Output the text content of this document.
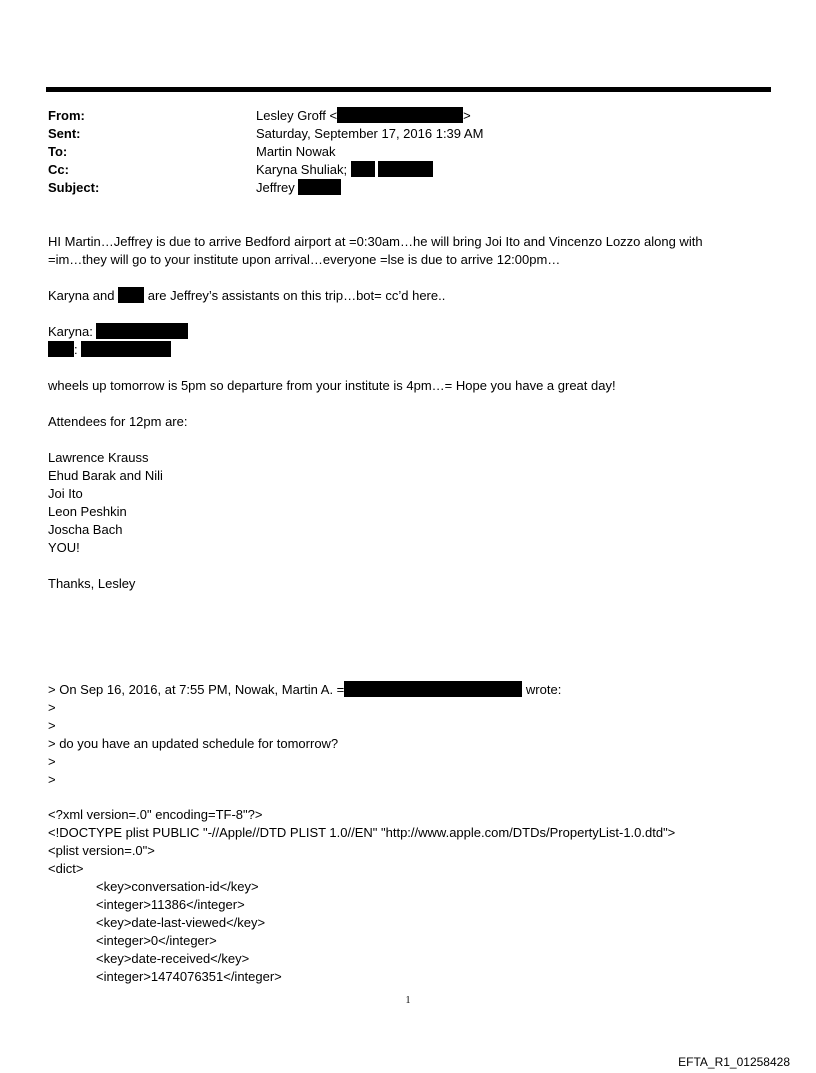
From:	Lesley Groff <	>
Sent:	Saturday, September 17, 2016 1:39 AM
To:	Martin Nowak
Cc:	Karyna Shuliak;
Subject:	Jeffrey
HI Martin…Jeffrey is due to arrive Bedford airport at =0:30am…he will bring Joi Ito and Vincenzo Lozzo along with
=im…they will go to your institute upon arrival…everyone =lse is due to arrive 12:00pm…
Karyna and	are Jeffrey’s assistants on this trip…bot= cc’d here..
Karyna:
:
wheels up tomorrow is 5pm so departure from your institute is 4pm…= Hope you have a great day!
Attendees for 12pm are:
Lawrence Krauss
Ehud Barak and Nili
Joi Ito
Leon Peshkin
Joscha Bach
YOU!
Thanks, Lesley
> On Sep 16, 2016, at 7:55 PM, Nowak, Martin A. =	wrote:
>
>
> do you have an updated schedule for tomorrow?
>
>
<?xml version=.0" encoding=TF-8"?>
<!DOCTYPE plist PUBLIC "-//Apple//DTD PLIST 1.0//EN" "http://www.apple.com/DTDs/PropertyList-1.0.dtd">
<plist version=.0">
<dict>
<key>conversation-id</key>
<integer>11386</integer>
<key>date-last-viewed</key>
<integer>0</integer>
<key>date-received</key>
<integer>1474076351</integer>
1
EFTA_R1_01258428
